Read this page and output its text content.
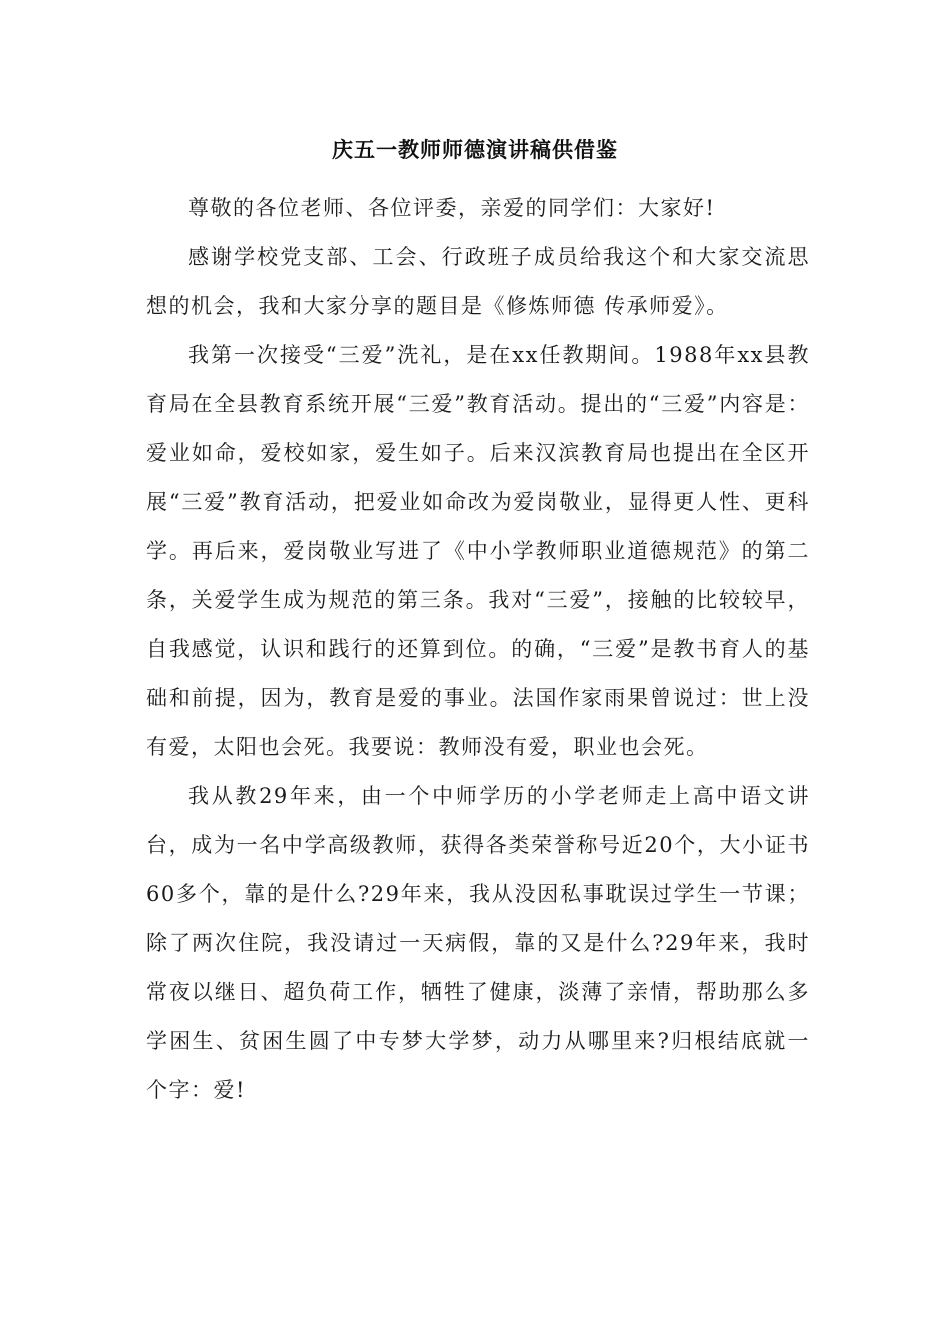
庆五一教师师德演讲稿供借鉴

尊敬的各位老师、各位评委，亲爱的同学们：大家好!

感谢学校党支部、工会、行政班子成员给我这个和大家交流思想的机会，我和大家分享的题目是《修炼师德 传承师爱》。

我第一次接受“三爱”洗礼，是在xx任教期间。1988年xx县教育局在全县教育系统开展“三爱”教育活动。提出的“三爱”内容是：爱业如命，爱校如家，爱生如子。后来汉滨教育局也提出在全区开展“三爱”教育活动，把爱业如命改为爱岗敬业，显得更人性、更科学。再后来，爱岗敬业写进了《中小学教师职业道德规范》的第二条，关爱学生成为规范的第三条。我对“三爱”，接触的比较较早，自我感觉，认识和践行的还算到位。的确，“三爱”是教书育人的基础和前提，因为，教育是爱的事业。法国作家雨果曾说过：世上没有爱，太阳也会死。我要说：教师没有爱，职业也会死。

我从教29年来，由一个中师学历的小学老师走上高中语文讲台，成为一名中学高级教师，获得各类荣誉称号近20个，大小证书60多个，靠的是什么?29年来，我从没因私事耽误过学生一节课；除了两次住院，我没请过一天病假，靠的又是什么?29年来，我时常夜以继日、超负荷工作，牺牲了健康，淡薄了亲情，帮助那么多学困生、贫困生圆了中专梦大学梦，动力从哪里来?归根结底就一个字：爱!
